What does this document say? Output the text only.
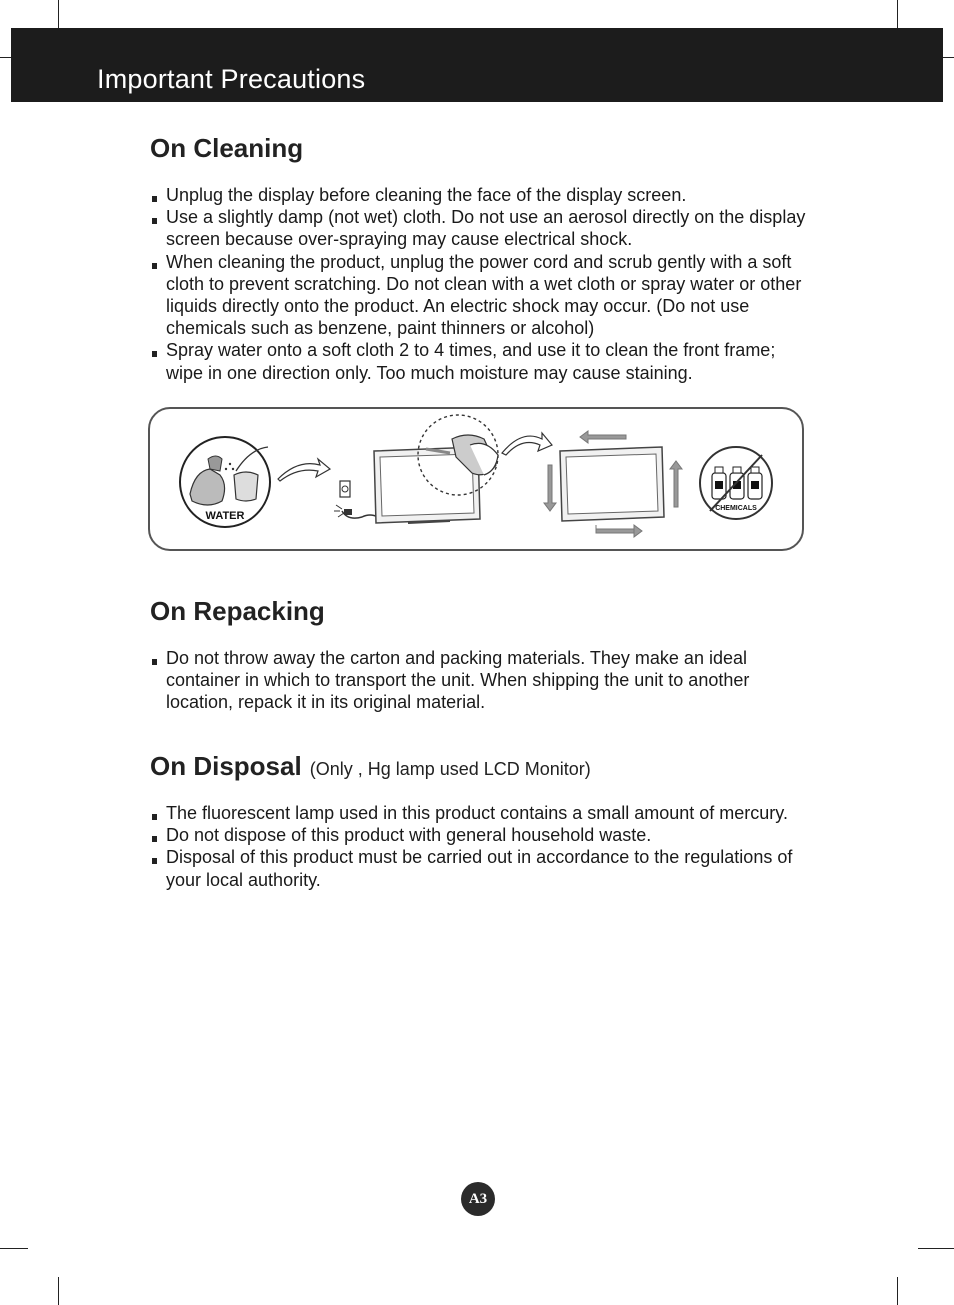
Important Precautions
On Cleaning
Unplug the display before cleaning the face of the display screen.
Use a slightly damp (not wet) cloth. Do not use an aerosol directly on the display
screen because over-spraying may cause electrical shock.
When cleaning the product, unplug the power cord and scrub gently with a soft
cloth to prevent scratching. Do not clean with a wet cloth or spray water or other
liquids directly onto the product. An electric shock may occur. (Do not use
chemicals such as benzene, paint thinners or alcohol)
Spray water onto a soft cloth 2 to 4 times, and use it to clean the front frame;
wipe in one direction only. Too much moisture may cause staining.
WATER
CHEMICALS
On Repacking
Do not throw away the carton and packing materials. They make an ideal
container in which to transport the unit. When shipping the unit to another
location, repack it in its original material.
On Disposal (Only , Hg lamp used LCD Monitor)
The fluorescent lamp used in this product contains a small amount of mercury.
Do not dispose of this product with general household waste.
Disposal of this product must be carried out in accordance to the regulations of
your local authority.
A3
